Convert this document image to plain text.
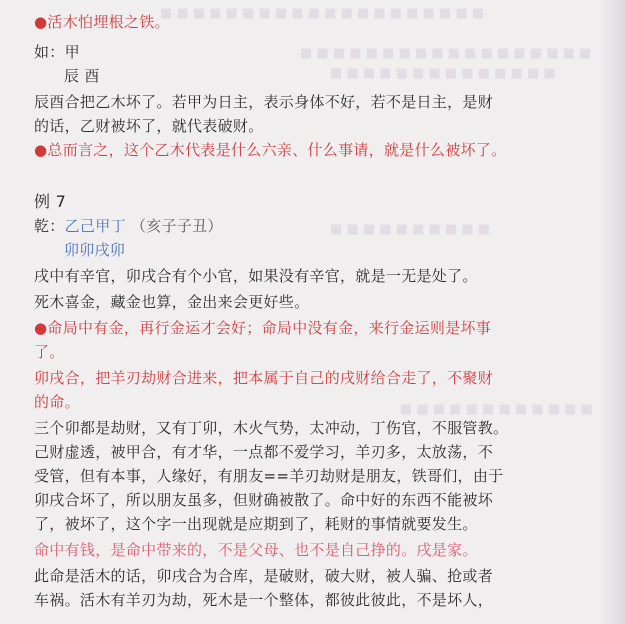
■ ■ ■ ■ ■ ■ ■ ■ ■ ■ ■ ■ ■ ■ ■ ■ ■ ■ ■ ■
■ ■ ■ ■ ■ ■ ■ ■ ■ ■ ■ ■ ■ ■ ■ ■ ■ ■
■ ■ ■ ■ ■ ■ ■ ■ ■ ■ ■ ■ ■ ■
■ ■ ■ ■ ■ ■ ■ ■ ■ ■
■ ■ ■ ■ ■ ■ ■ ■ ■ ■ ■ ■
●活木怕埋根之铁。
如：甲
辰 酉
辰酉合把乙木坏了。若甲为日主，表示身体不好，若不是日主，是财
的话，乙财被坏了，就代表破财。
●总而言之，这个乙木代表是什么六亲、什么事请，就是什么被坏了。
例 7
乾：乙己甲丁 （亥子子丑）
卯卯戌卯
戌中有辛官，卯戌合有个小官，如果没有辛官，就是一无是处了。
死木喜金，藏金也算，金出来会更好些。
●命局中有金，再行金运才会好；命局中没有金，来行金运则是坏事
了。
卯戌合，把羊刃劫财合进来，把本属于自己的戌财给合走了，不聚财
的命。
三个卯都是劫财，又有丁卯，木火气势，太冲动，丁伤官，不服管教。
己财虚透，被甲合，有才华，一点都不爱学习，羊刃多，太放荡，不
受管，但有本事，人缘好，有朋友==羊刃劫财是朋友，铁哥们，由于
卯戌合坏了，所以朋友虽多，但财确被散了。命中好的东西不能被坏
了，被坏了，这个字一出现就是应期到了，耗财的事情就要发生。
命中有钱，是命中带来的，不是父母、也不是自己挣的。戌是家。
此命是活木的话，卯戌合为合库，是破财，破大财，被人骗、抢或者
车祸。活木有羊刃为劫，死木是一个整体，都彼此彼此，不是坏人，
